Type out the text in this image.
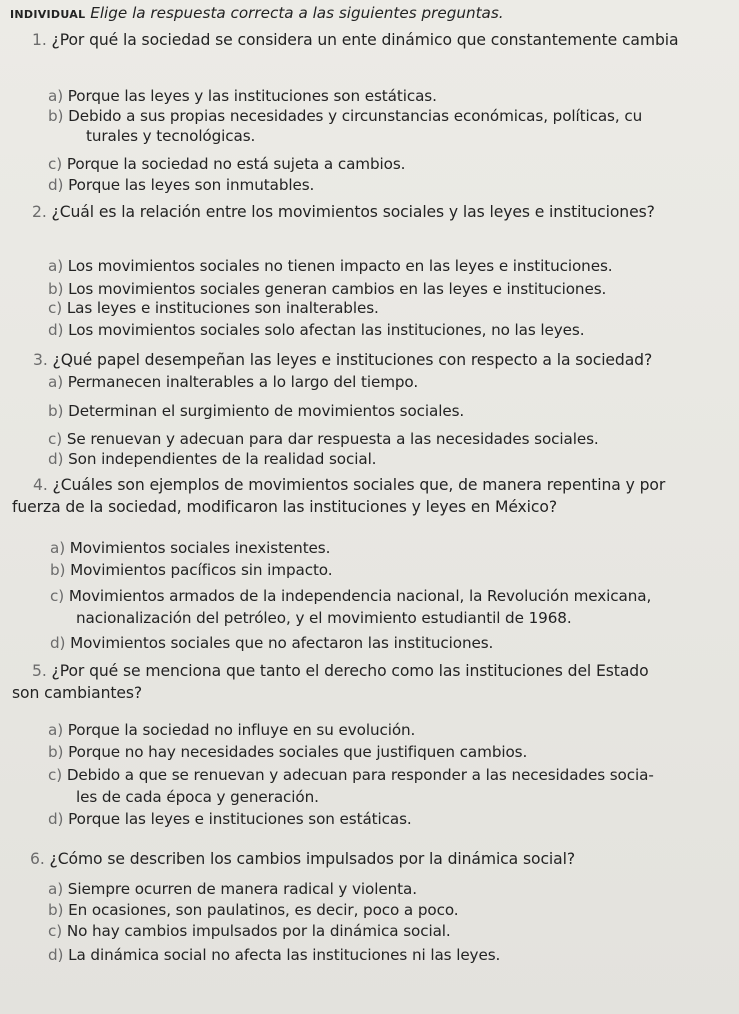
INDIVIDUAL Elige la respuesta correcta a las siguientes preguntas.
1. ¿Por qué la sociedad se considera un ente dinámico que constantemente cambia
a) Porque las leyes y las instituciones son estáticas.
b) Debido a sus propias necesidades y circunstancias económicas, políticas, cu
turales y tecnológicas.
c) Porque la sociedad no está sujeta a cambios.
d) Porque las leyes son inmutables.
2. ¿Cuál es la relación entre los movimientos sociales y las leyes e instituciones?
a) Los movimientos sociales no tienen impacto en las leyes e instituciones.
b) Los movimientos sociales generan cambios en las leyes e instituciones.
c) Las leyes e instituciones son inalterables.
d) Los movimientos sociales solo afectan las instituciones, no las leyes.
3. ¿Qué papel desempeñan las leyes e instituciones con respecto a la sociedad?
a) Permanecen inalterables a lo largo del tiempo.
b) Determinan el surgimiento de movimientos sociales.
c) Se renuevan y adecuan para dar respuesta a las necesidades sociales.
d) Son independientes de la realidad social.
4. ¿Cuáles son ejemplos de movimientos sociales que, de manera repentina y por
fuerza de la sociedad, modificaron las instituciones y leyes en México?
a) Movimientos sociales inexistentes.
b) Movimientos pacíficos sin impacto.
c) Movimientos armados de la independencia nacional, la Revolución mexicana,
nacionalización del petróleo, y el movimiento estudiantil de 1968.
d) Movimientos sociales que no afectaron las instituciones.
5. ¿Por qué se menciona que tanto el derecho como las instituciones del Estado
son cambiantes?
a) Porque la sociedad no influye en su evolución.
b) Porque no hay necesidades sociales que justifiquen cambios.
c) Debido a que se renuevan y adecuan para responder a las necesidades socia-
les de cada época y generación.
d) Porque las leyes e instituciones son estáticas.
6. ¿Cómo se describen los cambios impulsados por la dinámica social?
a) Siempre ocurren de manera radical y violenta.
b) En ocasiones, son paulatinos, es decir, poco a poco.
c) No hay cambios impulsados por la dinámica social.
d) La dinámica social no afecta las instituciones ni las leyes.
